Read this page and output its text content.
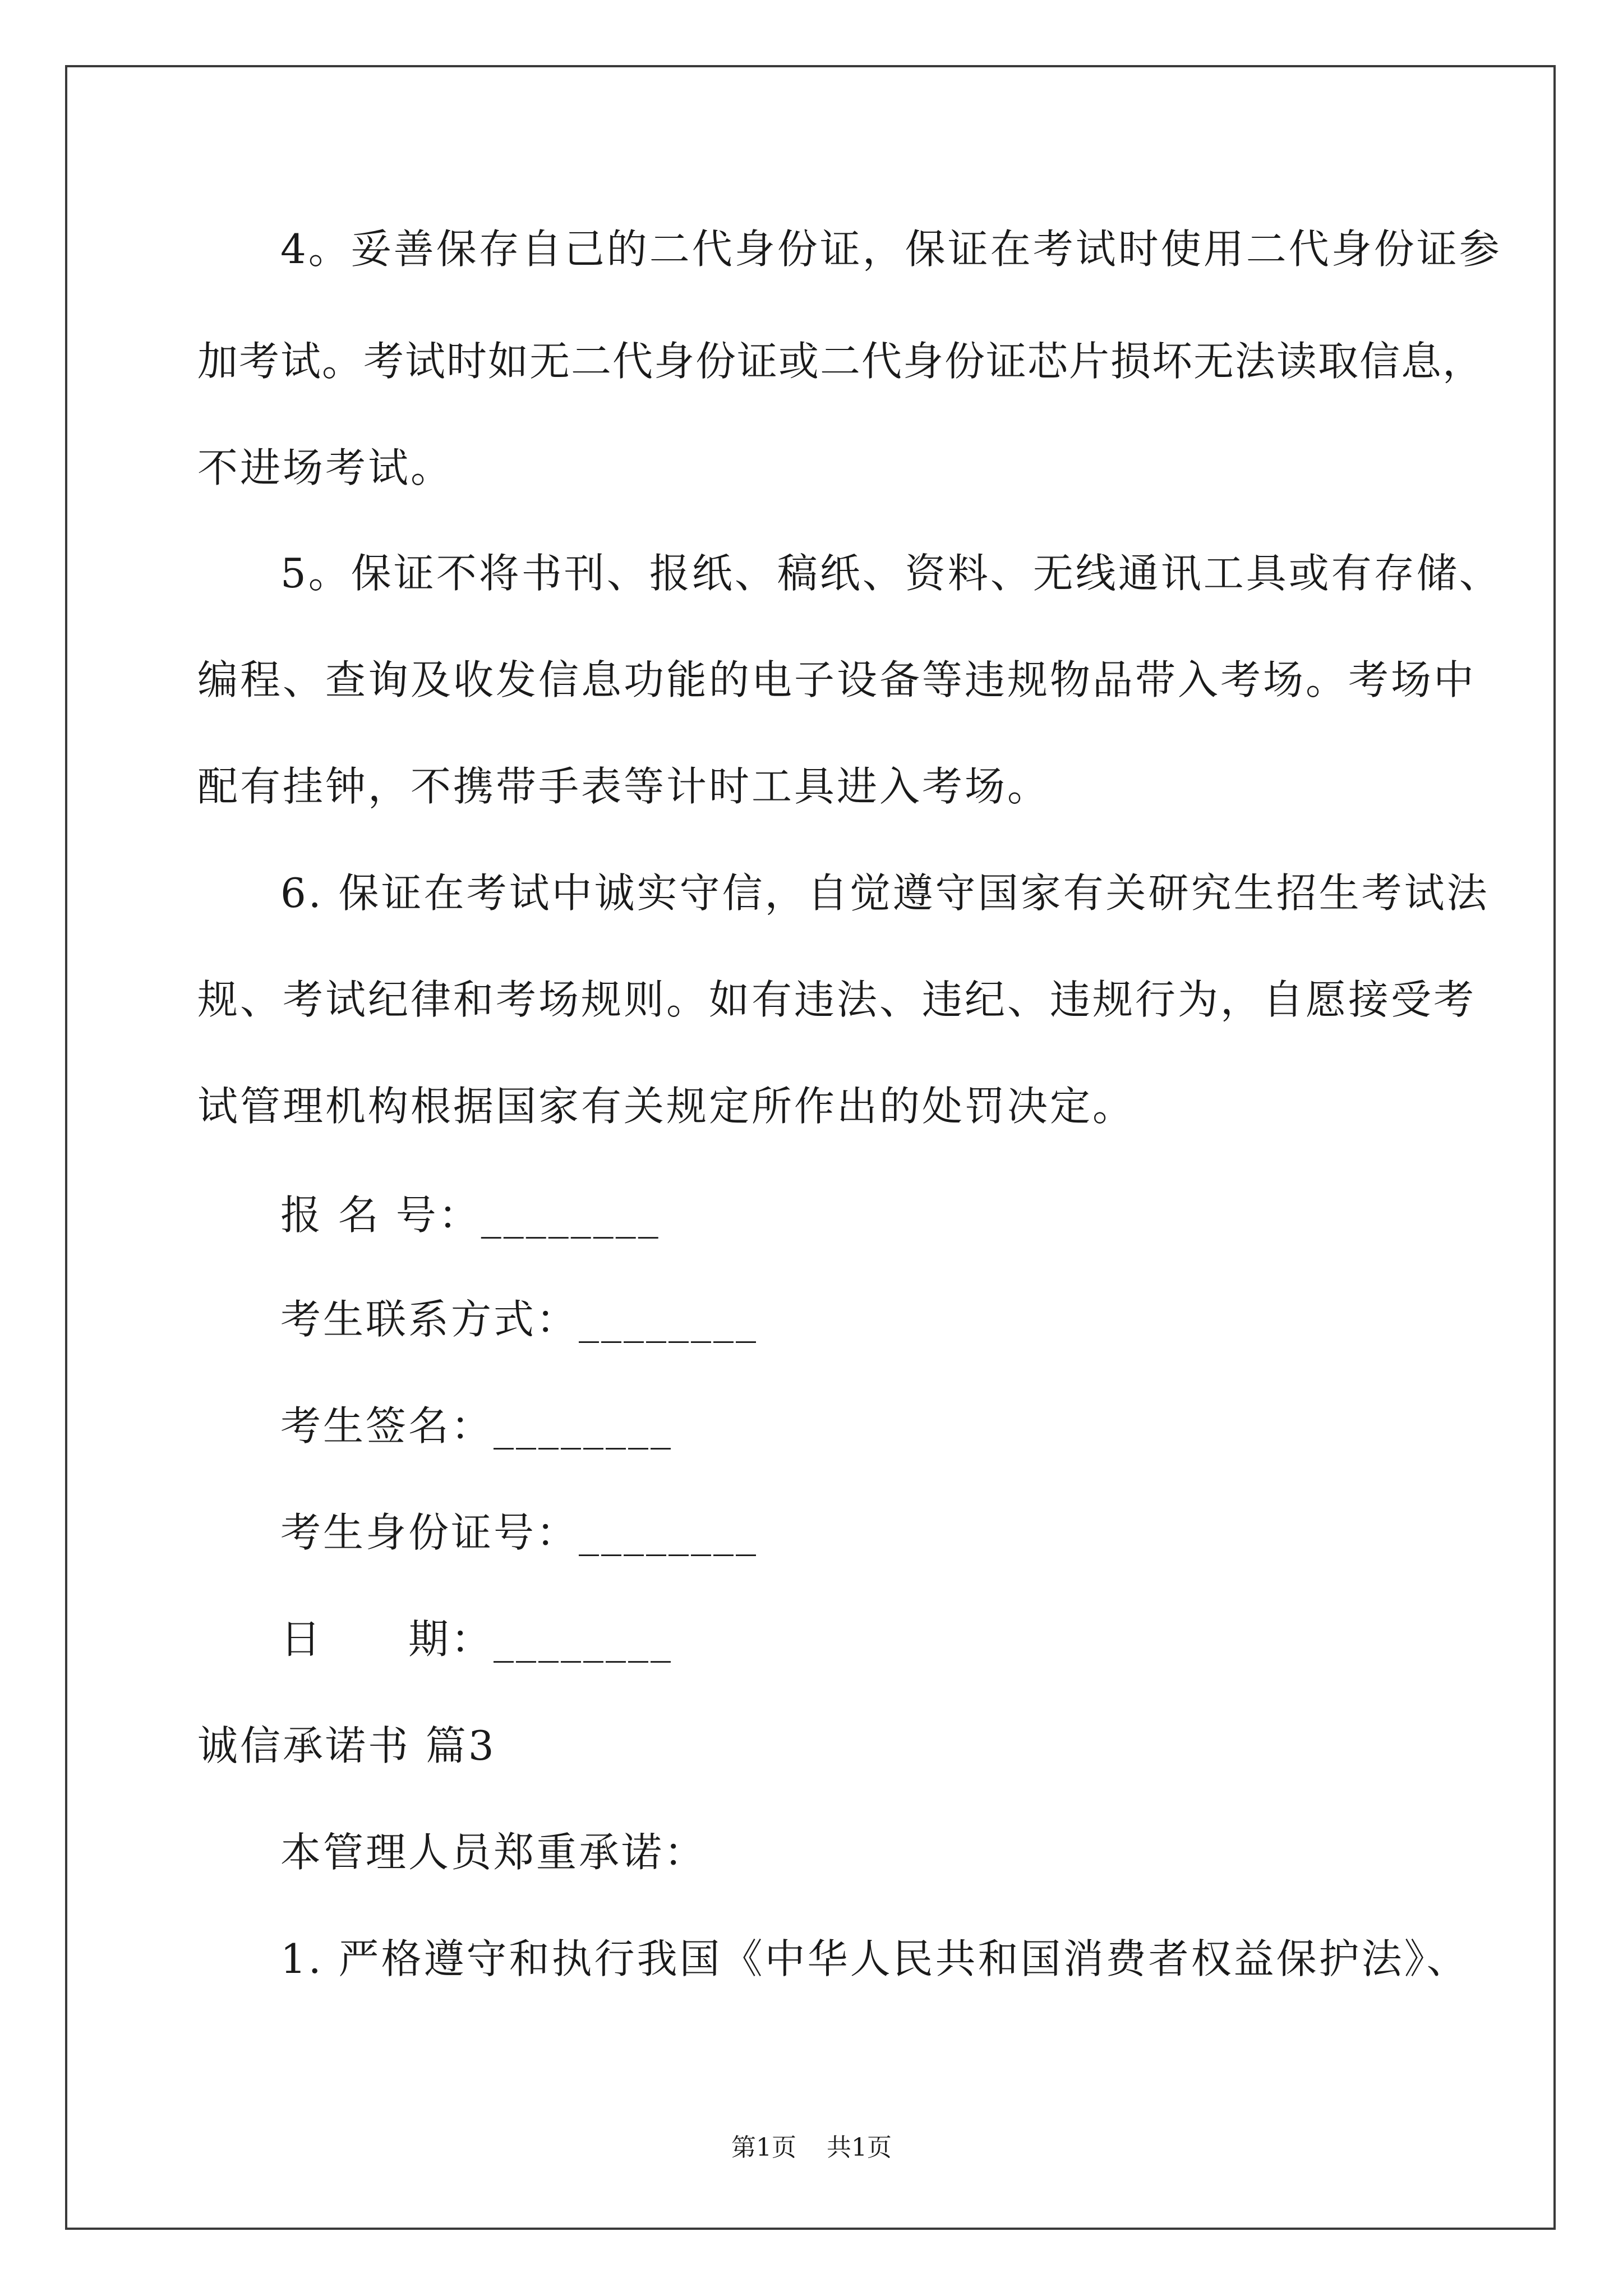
4。妥善保存自己的二代身份证，保证在考试时使用二代身份证参
加考试。考试时如无二代身份证或二代身份证芯片损坏无法读取信息，
不进场考试。
5。保证不将书刊、报纸、稿纸、资料、无线通讯工具或有存储、
编程、查询及收发信息功能的电子设备等违规物品带入考场。考场中
配有挂钟，不携带手表等计时工具进入考场。
6. 保证在考试中诚实守信，自觉遵守国家有关研究生招生考试法
规、考试纪律和考场规则。如有违法、违纪、违规行为，自愿接受考
试管理机构根据国家有关规定所作出的处罚决定。
报 名 号：________
考生联系方式：________
考生签名：________
考生身份证号：________
日　　期：________
诚信承诺书 篇3
本管理人员郑重承诺：
1. 严格遵守和执行我国《中华人民共和国消费者权益保护法》、
第1页 共1页
